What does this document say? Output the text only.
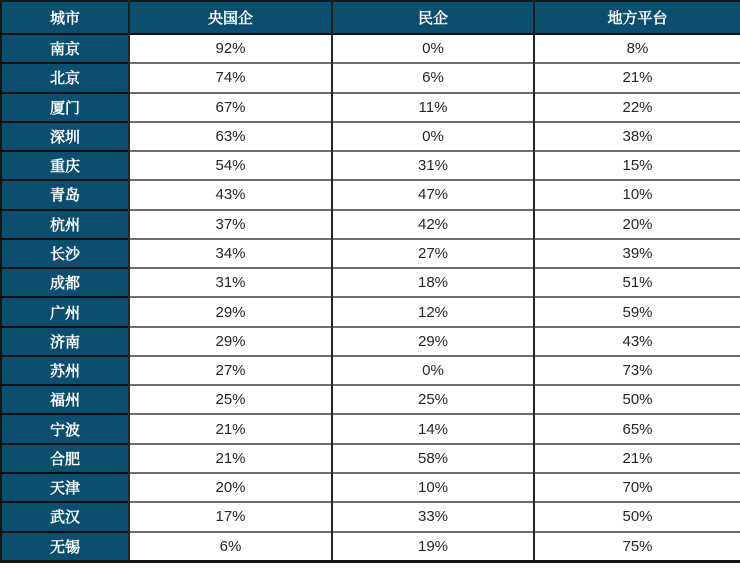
城市	央国企	民企	地方平台
南京	92%	0%	8%
北京	74%	6%	21%
厦门	67%	11%	22%
深圳	63%	0%	38%
重庆	54%	31%	15%
青岛	43%	47%	10%
杭州	37%	42%	20%
长沙	34%	27%	39%
成都	31%	18%	51%
广州	29%	12%	59%
济南	29%	29%	43%
苏州	27%	0%	73%
福州	25%	25%	50%
宁波	21%	14%	65%
合肥	21%	58%	21%
天津	20%	10%	70%
武汉	17%	33%	50%
无锡	6%	19%	75%
